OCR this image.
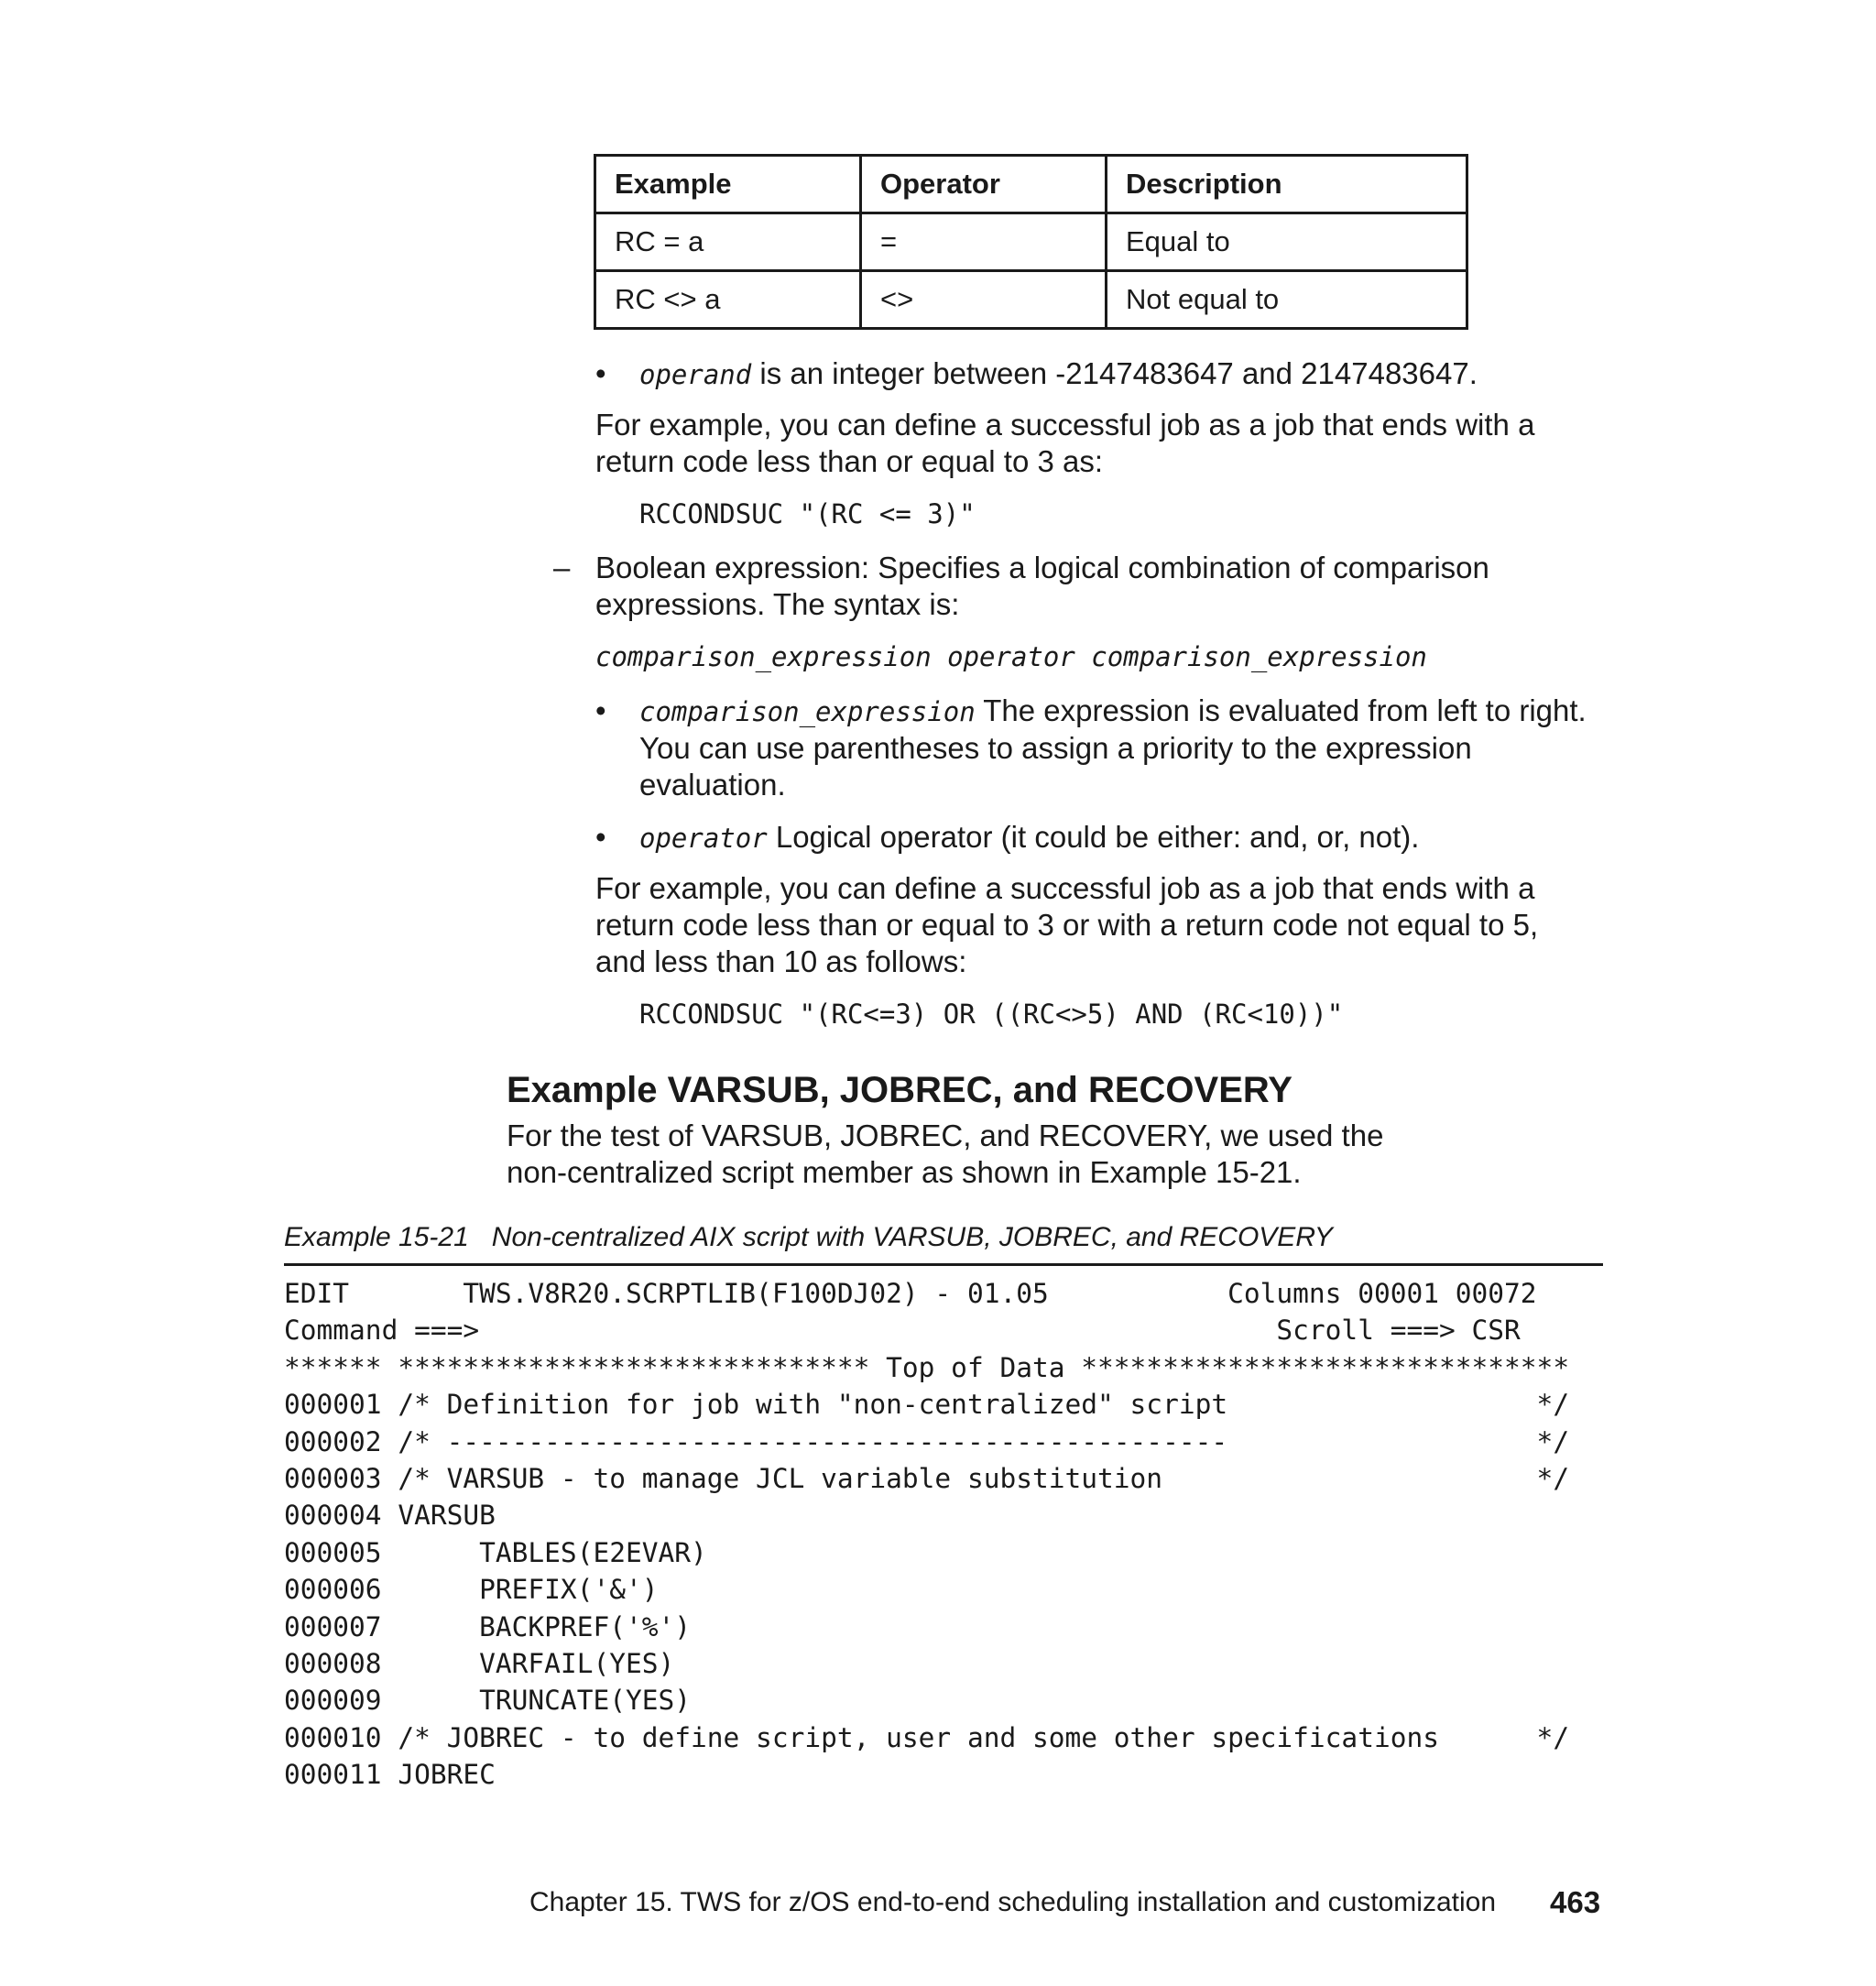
Example	Operator	Description
RC = a	=	Equal to
RC <> a	<>	Not equal to
• operand is an integer between -2147483647 and 2147483647.
For example, you can define a successful job as a job that ends with a
return code less than or equal to 3 as:
RCCONDSUC "(RC <= 3)"
– Boolean expression: Specifies a logical combination of comparison
expressions. The syntax is:
comparison_expression operator comparison_expression
• comparison_expression The expression is evaluated from left to right.
You can use parentheses to assign a priority to the expression
evaluation.
• operator Logical operator (it could be either: and, or, not).
For example, you can define a successful job as a job that ends with a
return code less than or equal to 3 or with a return code not equal to 5,
and less than 10 as follows:
RCCONDSUC "(RC<=3) OR ((RC<>5) AND (RC<10))"
Example VARSUB, JOBREC, and RECOVERY
For the test of VARSUB, JOBREC, and RECOVERY, we used the
non-centralized script member as shown in Example 15-21.
Example 15-21   Non-centralized AIX script with VARSUB, JOBREC, and RECOVERY
EDIT       TWS.V8R20.SCRPTLIB(F100DJ02) - 01.05           Columns 00001 00072
Command ===>                                                 Scroll ===> CSR
****** ***************************** Top of Data ******************************
000001 /* Definition for job with "non-centralized" script                   */
000002 /* ------------------------------------------------                   */
000003 /* VARSUB - to manage JCL variable substitution                       */
000004 VARSUB
000005      TABLES(E2EVAR)
000006      PREFIX('&')
000007      BACKPREF('%')
000008      VARFAIL(YES)
000009      TRUNCATE(YES)
000010 /* JOBREC - to define script, user and some other specifications      */
000011 JOBREC
Chapter 15. TWS for z/OS end-to-end scheduling installation and customization 463
